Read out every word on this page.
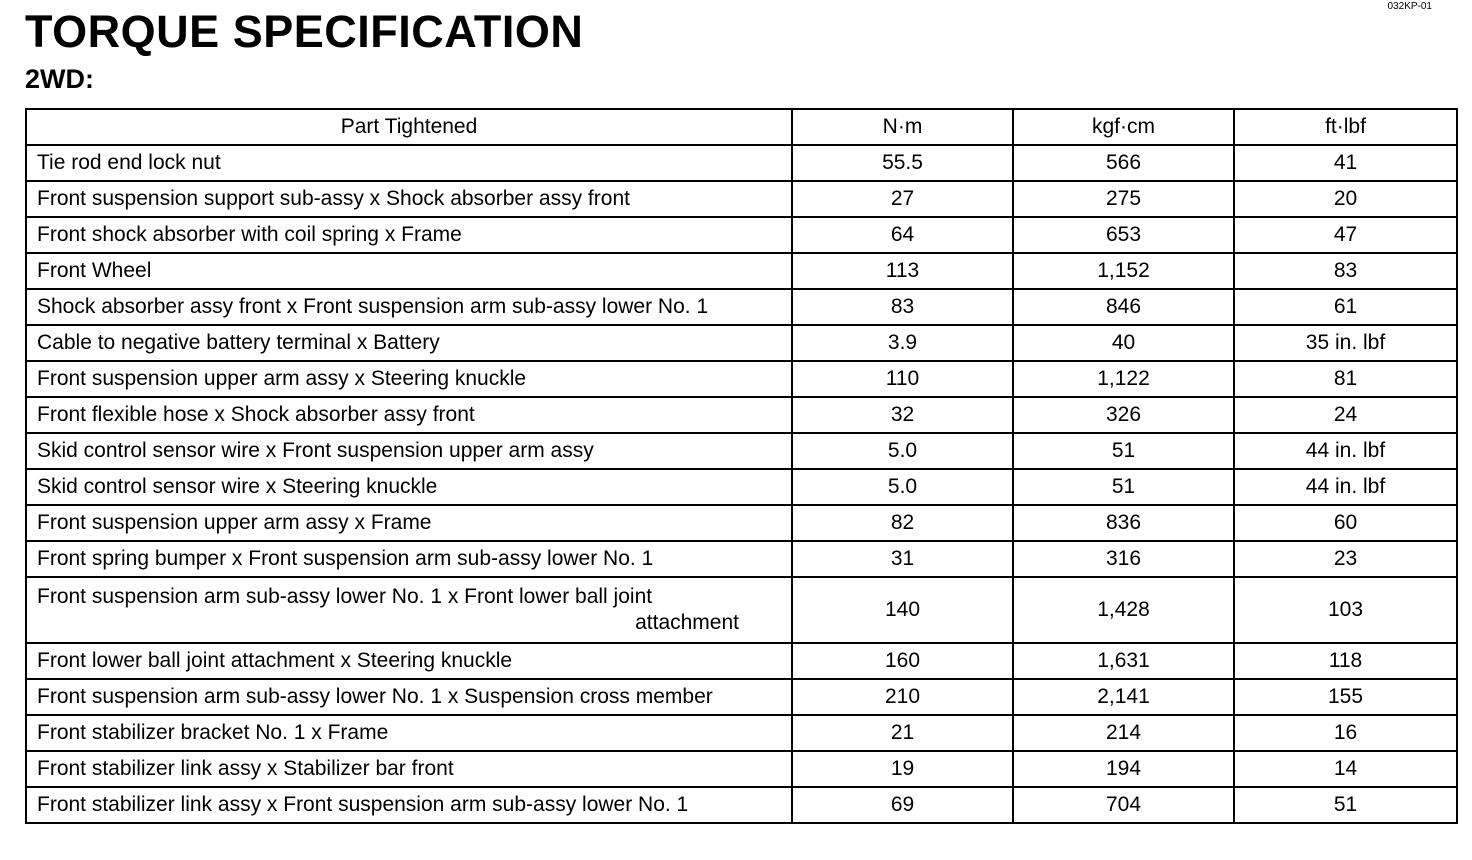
032KP-01
TORQUE SPECIFICATION
2WD:
Part Tightened	N·m	kgf·cm	ft·lbf
Tie rod end lock nut	55.5	566	41
Front suspension support sub-assy x Shock absorber assy front	27	275	20
Front shock absorber with coil spring x Frame	64	653	47
Front Wheel	113	1,152	83
Shock absorber assy front x Front suspension arm sub-assy lower No. 1	83	846	61
Cable to negative battery terminal x Battery	3.9	40	35 in. lbf
Front suspension upper arm assy x Steering knuckle	110	1,122	81
Front flexible hose x Shock absorber assy front	32	326	24
Skid control sensor wire x Front suspension upper arm assy	5.0	51	44 in. lbf
Skid control sensor wire x Steering knuckle	5.0	51	44 in. lbf
Front suspension upper arm assy x Frame	82	836	60
Front spring bumper x Front suspension arm sub-assy lower No. 1	31	316	23
Front suspension arm sub-assy lower No. 1 x Front lower ball joint
attachment	140	1,428	103
Front lower ball joint attachment x Steering knuckle	160	1,631	118
Front suspension arm sub-assy lower No. 1 x Suspension cross member	210	2,141	155
Front stabilizer bracket No. 1 x Frame	21	214	16
Front stabilizer link assy x Stabilizer bar front	19	194	14
Front stabilizer link assy x Front suspension arm sub-assy lower No. 1	69	704	51
